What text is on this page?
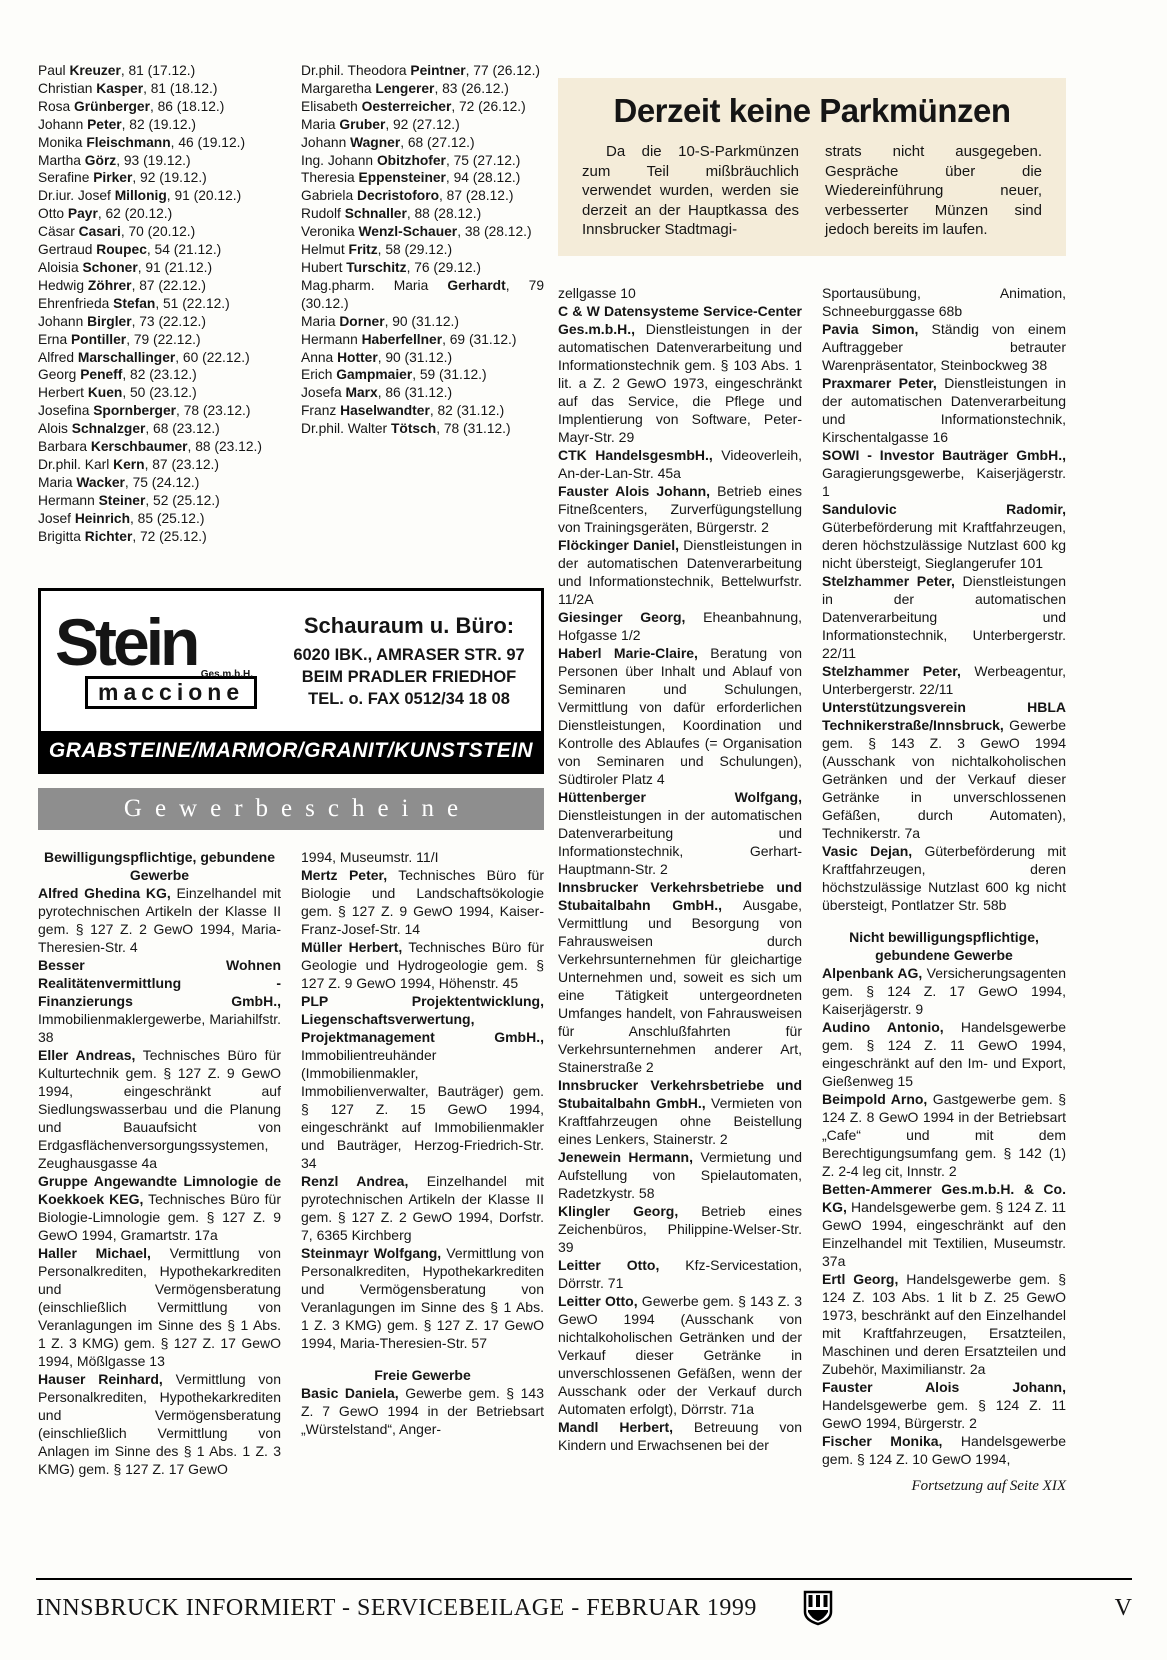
Paul Kreuzer, 81 (17.12.)

Christian Kasper, 81 (18.12.)

Rosa Grünberger, 86 (18.12.)

Johann Peter, 82 (19.12.)

Monika Fleischmann, 46 (19.12.)

Martha Görz, 93 (19.12.)

Serafine Pirker, 92 (19.12.)

Dr.iur. Josef Millonig, 91 (20.12.)

Otto Payr, 62 (20.12.)

Cäsar Casari, 70 (20.12.)

Gertraud Roupec, 54 (21.12.)

Aloisia Schoner, 91 (21.12.)

Hedwig Zöhrer, 87 (22.12.)

Ehrenfrieda Stefan, 51 (22.12.)

Johann Birgler, 73 (22.12.)

Erna Pontiller, 79 (22.12.)

Alfred Marschallinger, 60 (22.12.)

Georg Peneff, 82 (23.12.)

Herbert Kuen, 50 (23.12.)

Josefina Spornberger, 78 (23.12.)

Alois Schnalzger, 68 (23.12.)

Barbara Kerschbaumer, 88 (23.12.)

Dr.phil. Karl Kern, 87 (23.12.)

Maria Wacker, 75 (24.12.)

Hermann Steiner, 52 (25.12.)

Josef Heinrich, 85 (25.12.)

Brigitta Richter, 72 (25.12.)

Dr.phil. Theodora Peintner, 77 (26.12.)

Margaretha Lengerer, 83 (26.12.)

Elisabeth Oesterreicher, 72 (26.12.)

Maria Gruber, 92 (27.12.)

Johann Wagner, 68 (27.12.)

Ing. Johann Obitzhofer, 75 (27.12.)

Theresia Eppensteiner, 94 (28.12.)

Gabriela Decristoforo, 87 (28.12.)

Rudolf Schnaller, 88 (28.12.)

Veronika Wenzl-Schauer, 38 (28.12.)

Helmut Fritz, 58 (29.12.)

Hubert Turschitz, 76 (29.12.)

Mag.pharm. Maria Gerhardt, 79 (30.12.)

Maria Dorner, 90 (31.12.)

Hermann Haberfellner, 69 (31.12.)

Anna Hotter, 90 (31.12.)

Erich Gampmaier, 59 (31.12.)

Josefa Marx, 86 (31.12.)

Franz Haselwandter, 82 (31.12.)

Dr.phil. Walter Tötsch, 78 (31.12.)

Derzeit keine Parkmünzen

Da die 10-S-Parkmünzen zum Teil mißbräuchlich verwendet wurden, werden sie derzeit an der Hauptkassa des Innsbrucker Stadtmagi-

strats nicht ausgegeben. Gespräche über die Wiedereinführung neuer, verbesserter Münzen sind jedoch bereits im laufen.

Stein Ges.m.b.H.
maccione
Schauraum u. Büro:
6020 IBK., AMRASER STR. 97
BEIM PRADLER FRIEDHOF
TEL. o. FAX 0512/34 18 08
GRABSTEINE/MARMOR/GRANIT/KUNSTSTEIN
Gewerbescheine

Bewilligungspflichtige, gebundene Gewerbe

Alfred Ghedina KG, Einzelhandel mit pyrotechnischen Artikeln der Klasse II gem. § 127 Z. 2 GewO 1994, Maria-Theresien-Str. 4

Besser Wohnen Realitätenvermittlung - Finanzierungs GmbH., Immobilienmaklergewerbe, Mariahilfstr. 38

Eller Andreas, Technisches Büro für Kulturtechnik gem. § 127 Z. 9 GewO 1994, eingeschränkt auf Siedlungswasserbau und die Planung und Bauaufsicht von Erdgasflächenversorgungssystemen, Zeughausgasse 4a

Gruppe Angewandte Limnologie de Koekkoek KEG, Technisches Büro für Biologie-Limnologie gem. § 127 Z. 9 GewO 1994, Gramartstr. 17a

Haller Michael, Vermittlung von Personalkrediten, Hypothekarkrediten und Vermögensberatung (einschließlich Vermittlung von Veranlagungen im Sinne des § 1 Abs. 1 Z. 3 KMG) gem. § 127 Z. 17 GewO 1994, Mößlgasse 13

Hauser Reinhard, Vermittlung von Personalkrediten, Hypothekarkrediten und Vermögensberatung (einschließlich Vermittlung von Anlagen im Sinne des § 1 Abs. 1 Z. 3 KMG) gem. § 127 Z. 17 GewO

1994, Museumstr. 11/I

Mertz Peter, Technisches Büro für Biologie und Landschaftsökologie gem. § 127 Z. 9 GewO 1994, Kaiser-Franz-Josef-Str. 14

Müller Herbert, Technisches Büro für Geologie und Hydrogeologie gem. § 127 Z. 9 GewO 1994, Höhenstr. 45

PLP Projektentwicklung, Liegenschaftsverwertung, Projektmanagement GmbH., Immobilientreuhänder (Immobilienmakler, Immobilienverwalter, Bauträger) gem. § 127 Z. 15 GewO 1994, eingeschränkt auf Immobilienmakler und Bauträger, Herzog-Friedrich-Str. 34

Renzl Andrea, Einzelhandel mit pyrotechnischen Artikeln der Klasse II gem. § 127 Z. 2 GewO 1994, Dorfstr. 7, 6365 Kirchberg

Steinmayr Wolfgang, Vermittlung von Personalkrediten, Hypothekarkrediten und Vermögensberatung von Veranlagungen im Sinne des § 1 Abs. 1 Z. 3 KMG) gem. § 127 Z. 17 GewO 1994, Maria-Theresien-Str. 57

Freie Gewerbe

Basic Daniela, Gewerbe gem. § 143 Z. 7 GewO 1994 in der Betriebsart „Würstelstand“, Anger-

zellgasse 10

C & W Datensysteme Service-Center Ges.m.b.H., Dienstleistungen in der automatischen Datenverarbeitung und Informationstechnik gem. § 103 Abs. 1 lit. a Z. 2 GewO 1973, eingeschränkt auf das Service, die Pflege und Implentierung von Software, Peter-Mayr-Str. 29

CTK HandelsgesmbH., Videoverleih, An-der-Lan-Str. 45a

Fauster Alois Johann, Betrieb eines Fitneßcenters, Zurverfügungstellung von Trainingsgeräten, Bürgerstr. 2

Flöckinger Daniel, Dienstleistungen in der automatischen Datenverarbeitung und Informationstechnik, Bettelwurfstr. 11/2A

Giesinger Georg, Eheanbahnung, Hofgasse 1/2

Haberl Marie-Claire, Beratung von Personen über Inhalt und Ablauf von Seminaren und Schulungen, Vermittlung von dafür erforderlichen Dienstleistungen, Koordination und Kontrolle des Ablaufes (= Organisation von Seminaren und Schulungen), Südtiroler Platz 4

Hüttenberger Wolfgang, Dienstleistungen in der automatischen Datenverarbeitung und Informationstechnik, Gerhart-Hauptmann-Str. 2

Innsbrucker Verkehrsbetriebe und Stubaitalbahn GmbH., Ausgabe, Vermittlung und Besorgung von Fahrausweisen durch Verkehrsunternehmen für gleichartige Unternehmen und, soweit es sich um eine Tätigkeit untergeordneten Umfanges handelt, von Fahrausweisen für Anschlußfahrten für Verkehrsunternehmen anderer Art, Stainerstraße 2

Innsbrucker Verkehrsbetriebe und Stubaitalbahn GmbH., Vermieten von Kraftfahrzeugen ohne Beistellung eines Lenkers, Stainerstr. 2

Jenewein Hermann, Vermietung und Aufstellung von Spielautomaten, Radetzkystr. 58

Klingler Georg, Betrieb eines Zeichenbüros, Philippine-Welser-Str. 39

Leitter Otto, Kfz-Servicestation, Dörrstr. 71

Leitter Otto, Gewerbe gem. § 143 Z. 3 GewO 1994 (Ausschank von nichtalkoholischen Getränken und der Verkauf dieser Getränke in unverschlossenen Gefäßen, wenn der Ausschank oder der Verkauf durch Automaten erfolgt), Dörrstr. 71a

Mandl Herbert, Betreuung von Kindern und Erwachsenen bei der

Sportausübung, Animation, Schneeburggasse 68b

Pavia Simon, Ständig von einem Auftraggeber betrauter Warenpräsentator, Steinbockweg 38

Praxmarer Peter, Dienstleistungen in der automatischen Datenverarbeitung und Informationstechnik, Kirschentalgasse 16

SOWI - Investor Bauträger GmbH., Garagierungsgewerbe, Kaiserjägerstr. 1

Sandulovic Radomir, Güterbeförderung mit Kraftfahrzeugen, deren höchstzulässige Nutzlast 600 kg nicht übersteigt, Sieglangerufer 101

Stelzhammer Peter, Dienstleistungen in der automatischen Datenverarbeitung und Informationstechnik, Unterbergerstr. 22/11

Stelzhammer Peter, Werbeagentur, Unterbergerstr. 22/11

Unterstützungsverein HBLA Technikerstraße/Innsbruck, Gewerbe gem. § 143 Z. 3 GewO 1994 (Ausschank von nichtalkoholischen Getränken und der Verkauf dieser Getränke in unverschlossenen Gefäßen, durch Automaten), Technikerstr. 7a

Vasic Dejan, Güterbeförderung mit Kraftfahrzeugen, deren höchstzulässige Nutzlast 600 kg nicht übersteigt, Pontlatzer Str. 58b

Nicht bewilligungspflichtige, gebundene Gewerbe

Alpenbank AG, Versicherungsagenten gem. § 124 Z. 17 GewO 1994, Kaiserjägerstr. 9

Audino Antonio, Handelsgewerbe gem. § 124 Z. 11 GewO 1994, eingeschränkt auf den Im- und Export, Gießenweg 15

Beimpold Arno, Gastgewerbe gem. § 124 Z. 8 GewO 1994 in der Betriebsart „Cafe“ und mit dem Berechtigungsumfang gem. § 142 (1) Z. 2-4 leg cit, Innstr. 2

Betten-Ammerer Ges.m.b.H. & Co. KG, Handelsgewerbe gem. § 124 Z. 11 GewO 1994, eingeschränkt auf den Einzelhandel mit Textilien, Museumstr. 37a

Ertl Georg, Handelsgewerbe gem. § 124 Z. 103 Abs. 1 lit b Z. 25 GewO 1973, beschränkt auf den Einzelhandel mit Kraftfahrzeugen, Ersatzteilen, Maschinen und deren Ersatzteilen und Zubehör, Maximilianstr. 2a

Fauster Alois Johann, Handelsgewerbe gem. § 124 Z. 11 GewO 1994, Bürgerstr. 2

Fischer Monika, Handelsgewerbe gem. § 124 Z. 10 GewO 1994,

Fortsetzung auf Seite XIX

INNSBRUCK INFORMIERT - SERVICEBEILAGE - FEBRUAR 1999	V
